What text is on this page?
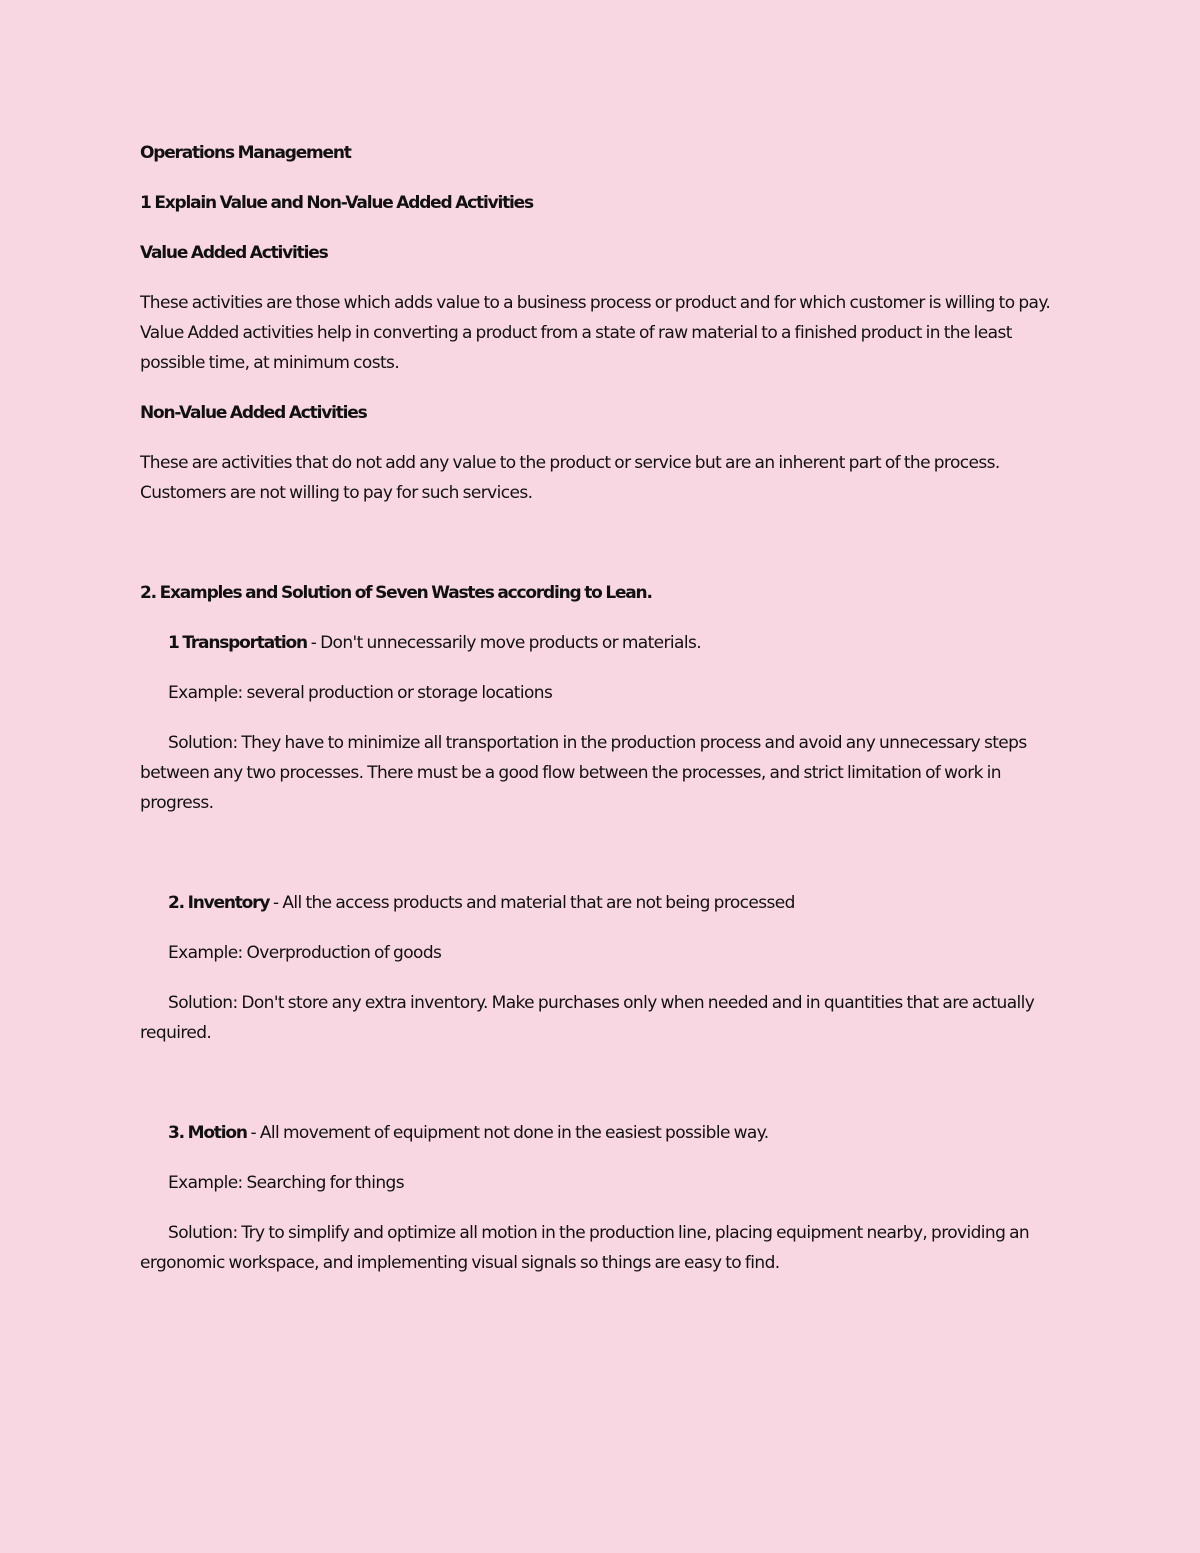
Operations Management

1 Explain Value and Non-Value Added Activities

Value Added Activities

These activities are those which adds value to a business process or product and for which customer is willing to pay. Value Added activities help in converting a product from a state of raw material to a finished product in the least possible time, at minimum costs.

Non-Value Added Activities

These are activities that do not add any value to the product or service but are an inherent part of the process. Customers are not willing to pay for such services.

2. Examples and Solution of Seven Wastes according to Lean.

1 Transportation - Don't unnecessarily move products or materials.

Example: several production or storage locations

Solution: They have to minimize all transportation in the production process and avoid any unnecessary steps between any two processes. There must be a good flow between the processes, and strict limitation of work in progress.

2. Inventory - All the access products and material that are not being processed

Example: Overproduction of goods

Solution: Don't store any extra inventory. Make purchases only when needed and in quantities that are actually required.

3. Motion - All movement of equipment not done in the easiest possible way.

Example: Searching for things

Solution: Try to simplify and optimize all motion in the production line, placing equipment nearby, providing an ergonomic workspace, and implementing visual signals so things are easy to find.
